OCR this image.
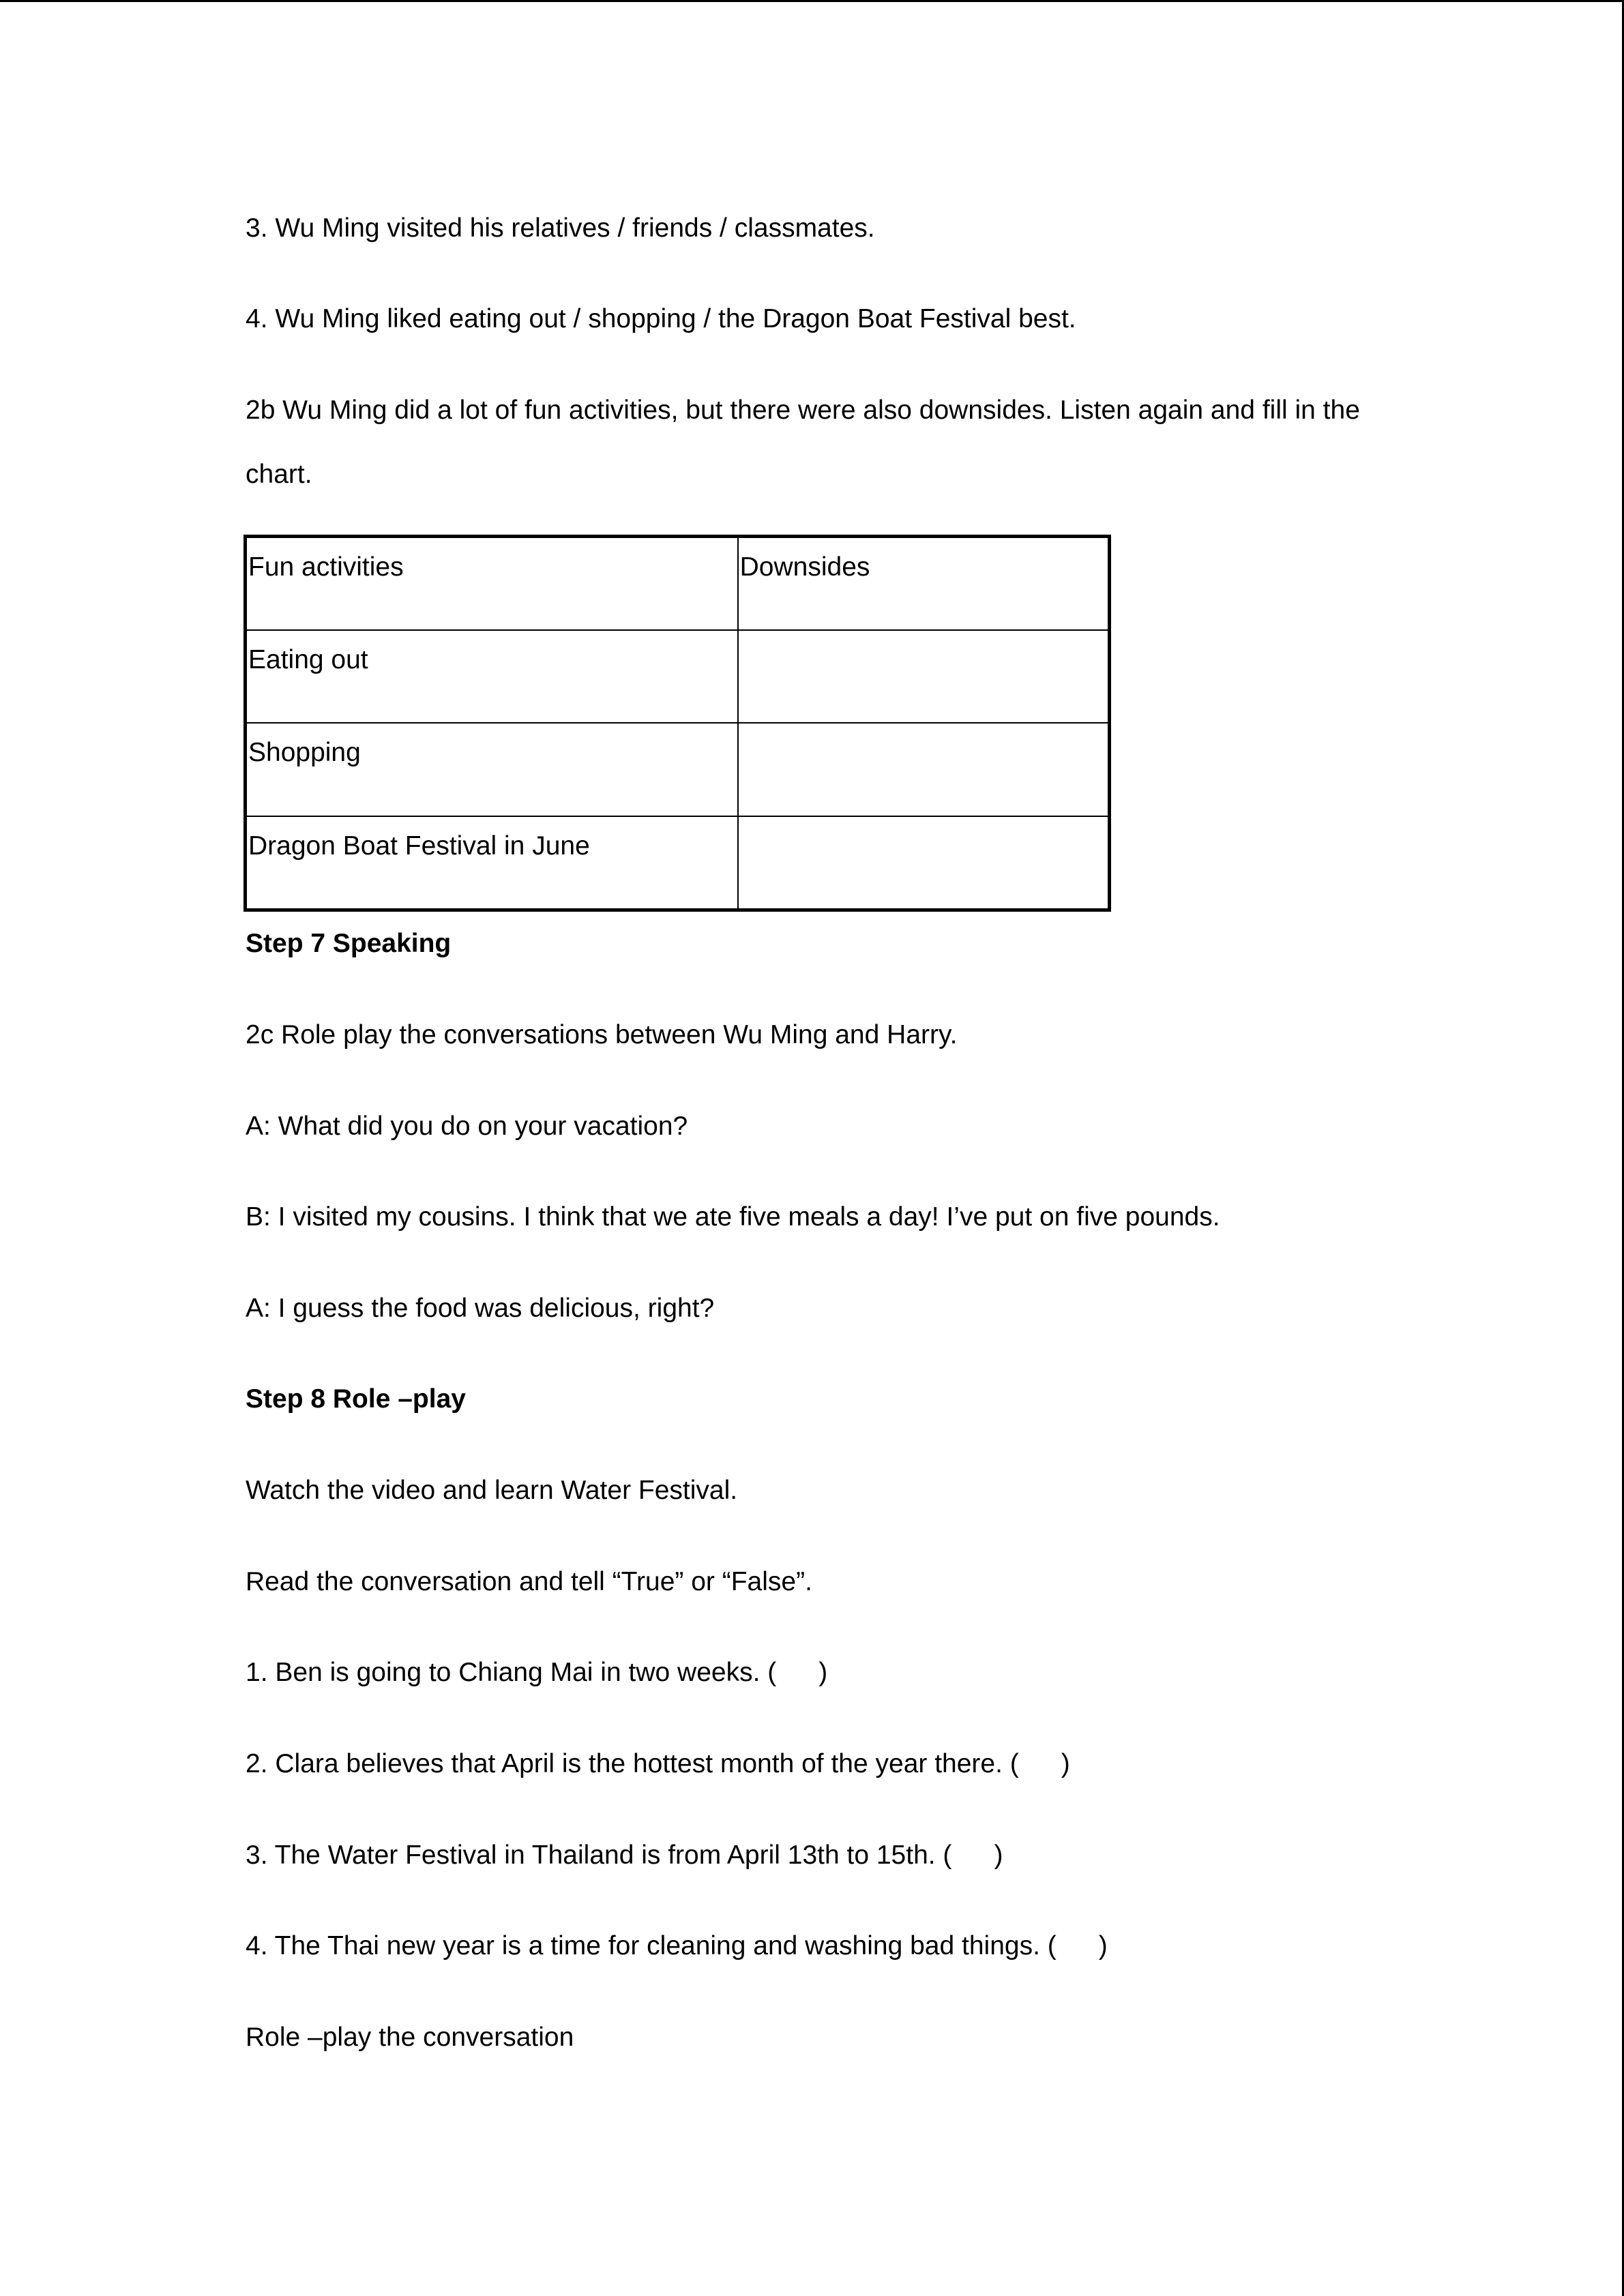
3. Wu Ming visited his relatives / friends / classmates.

4. Wu Ming liked eating out / shopping / the Dragon Boat Festival best.

2b Wu Ming did a lot of fun activities, but there were also downsides. Listen again and fill in the

chart.

Fun activities	Downsides
Eating out	
Shopping	
Dragon Boat Festival in June	

Step 7 Speaking

2c Role play the conversations between Wu Ming and Harry.

A: What did you do on your vacation?

B: I visited my cousins. I think that we ate five meals a day! I’ve put on five pounds.

A: I guess the food was delicious, right?

Step 8 Role –play

Watch the video and learn Water Festival.

Read the conversation and tell “True” or “False”.

1. Ben is going to Chiang Mai in two weeks. ( )

2. Clara believes that April is the hottest month of the year there. ( )

3. The Water Festival in Thailand is from April 13th to 15th. ( )

4. The Thai new year is a time for cleaning and washing bad things. ( )

Role –play the conversation
